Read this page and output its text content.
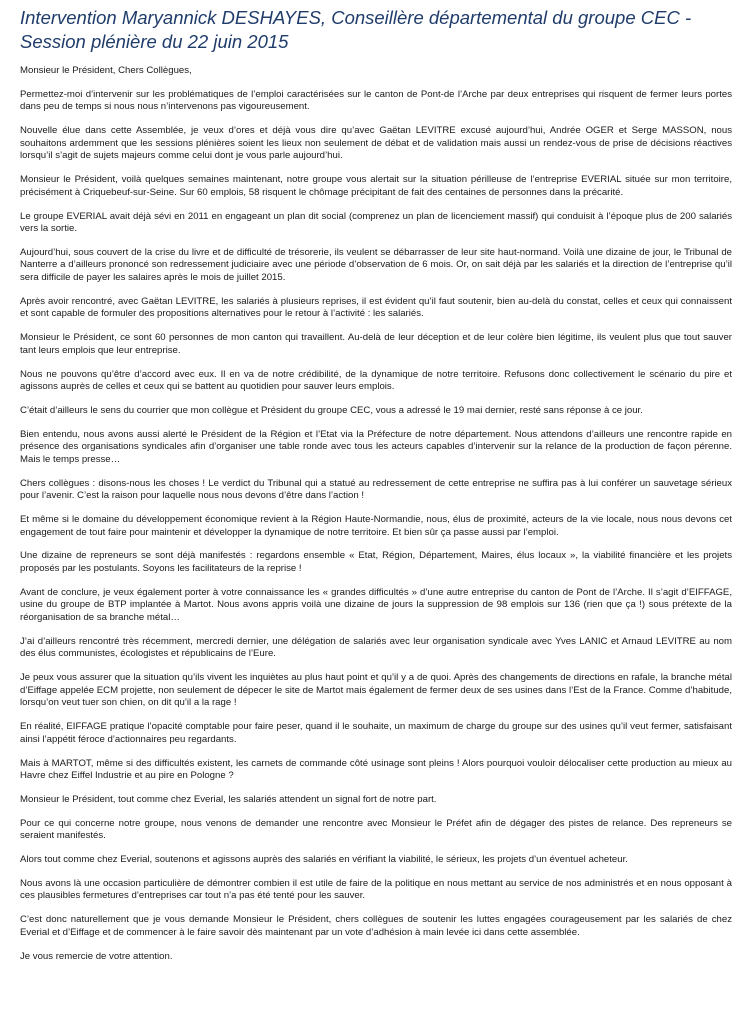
Intervention Maryannick DESHAYES, Conseillère départemental du groupe CEC - Session plénière du 22 juin 2015

Monsieur le Président, Chers Collègues,

Permettez-moi d’intervenir sur les problématiques de l’emploi caractérisées sur le canton de Pont-de l’Arche par deux entreprises qui risquent de fermer leurs portes dans peu de temps si nous nous n’intervenons pas vigoureusement.

Nouvelle élue dans cette Assemblée, je veux d’ores et déjà vous dire qu’avec Gaëtan LEVITRE excusé aujourd’hui, Andrée OGER et Serge MASSON, nous souhaitons ardemment que les sessions plénières soient les lieux non seulement de débat et de validation mais aussi un rendez-vous de prise de décisions réactives lorsqu’il s’agit de sujets majeurs comme celui dont je vous parle aujourd’hui.

Monsieur le Président, voilà quelques semaines maintenant, notre groupe vous alertait sur la situation périlleuse de l’entreprise EVERIAL située sur mon territoire, précisément à Criquebeuf-sur-Seine. Sur 60 emplois, 58 risquent le chômage précipitant de fait des centaines de personnes dans la précarité.

Le groupe EVERIAL avait déjà sévi en 2011 en engageant un plan dit social (comprenez un plan de licenciement massif) qui conduisit à l’époque plus de 200 salariés vers la sortie.

Aujourd’hui, sous couvert de la crise du livre et de difficulté de trésorerie, ils veulent se débarrasser de leur site haut-normand. Voilà une dizaine de jour, le Tribunal de Nanterre a d’ailleurs prononcé son redressement judiciaire avec une période d’observation de 6 mois. Or, on sait déjà par les salariés et la direction de l’entreprise qu’il sera difficile de payer les salaires après le mois de juillet 2015.

Après avoir rencontré, avec Gaëtan LEVITRE, les salariés à plusieurs reprises, il est évident qu’il faut soutenir, bien au-delà du constat, celles et ceux qui connaissent et sont capable de formuler des propositions alternatives pour le retour à l’activité : les salariés.

Monsieur le Président, ce sont 60 personnes de mon canton qui travaillent. Au-delà de leur déception et de leur colère bien légitime, ils veulent plus que tout sauver tant leurs emplois que leur entreprise.

Nous ne pouvons qu’être d’accord avec eux. Il en va de notre crédibilité, de la dynamique de notre territoire. Refusons donc collectivement le scénario du pire et agissons auprès de celles et ceux qui se battent au quotidien pour sauver leurs emplois.

C’était d’ailleurs le sens du courrier que mon collègue et Président du groupe CEC, vous a adressé le 19 mai dernier, resté sans réponse à ce jour.

Bien entendu, nous avons aussi alerté le Président de la Région et l’Etat via la Préfecture de notre département. Nous attendons d’ailleurs une rencontre rapide en présence des organisations syndicales afin d’organiser une table ronde avec tous les acteurs capables d’intervenir sur la relance de la production de façon pérenne. Mais le temps presse…

Chers collègues : disons-nous les choses ! Le verdict du Tribunal qui a statué au redressement de cette entreprise ne suffira pas à lui conférer un sauvetage sérieux pour l’avenir. C’est la raison pour laquelle nous nous devons d’être dans l’action !

Et même si le domaine du développement économique revient à la Région Haute-Normandie, nous, élus de proximité, acteurs de la vie locale, nous nous devons cet engagement de tout faire pour maintenir et développer la dynamique de notre territoire. Et bien sûr ça passe aussi par l’emploi.

Une dizaine de repreneurs se sont déjà manifestés : regardons ensemble « Etat, Région, Département, Maires, élus locaux », la viabilité financière et les projets proposés par les postulants. Soyons les facilitateurs de la reprise !

Avant de conclure, je veux également porter à votre connaissance les « grandes difficultés » d’une autre entreprise du canton de Pont de l’Arche. Il s’agit d’EIFFAGE, usine du groupe de BTP implantée à Martot. Nous avons appris voilà une dizaine de jours la suppression de 98 emplois sur 136 (rien que ça !) sous prétexte de la réorganisation de sa branche métal…

J’ai d’ailleurs rencontré très récemment, mercredi dernier, une délégation de salariés avec leur organisation syndicale avec Yves LANIC et Arnaud LEVITRE au nom des élus communistes, écologistes et républicains de l’Eure.

Je peux vous assurer que la situation qu’ils vivent les inquiètes au plus haut point et qu’il y a de quoi. Après des changements de directions en rafale, la branche métal d’Eiffage appelée ECM projette, non seulement de dépecer le site de Martot mais également de fermer deux de ses usines dans l’Est de la France. Comme d’habitude, lorsqu’on veut tuer son chien, on dit qu’il a la rage !

En réalité, EIFFAGE pratique l’opacité comptable pour faire peser, quand il le souhaite, un maximum de charge du groupe sur des usines qu’il veut fermer, satisfaisant ainsi l’appétit féroce d’actionnaires peu regardants.

Mais à MARTOT, même si des difficultés existent, les carnets de commande côté usinage sont pleins ! Alors pourquoi vouloir délocaliser cette production au mieux au Havre chez Eiffel Industrie et au pire en Pologne ?

Monsieur le Président, tout comme chez Everial, les salariés attendent un signal fort de notre part.

Pour ce qui concerne notre groupe, nous venons de demander une rencontre avec Monsieur le Préfet afin de dégager des pistes de relance. Des repreneurs se seraient manifestés.

Alors tout comme chez Everial, soutenons et agissons auprès des salariés en vérifiant la viabilité, le sérieux, les projets d’un éventuel acheteur.

Nous avons là une occasion particulière de démontrer combien il est utile de faire de la politique en nous mettant au service de nos administrés et en nous opposant à ces plausibles fermetures d’entreprises car tout n’a pas été tenté pour les sauver.

C’est donc naturellement que je vous demande Monsieur le Président, chers collègues de soutenir les luttes engagées courageusement par les salariés de chez Everial et d’Eiffage et de commencer à le faire savoir dès maintenant par un vote d’adhésion à main levée ici dans cette assemblée.

Je vous remercie de votre attention.
